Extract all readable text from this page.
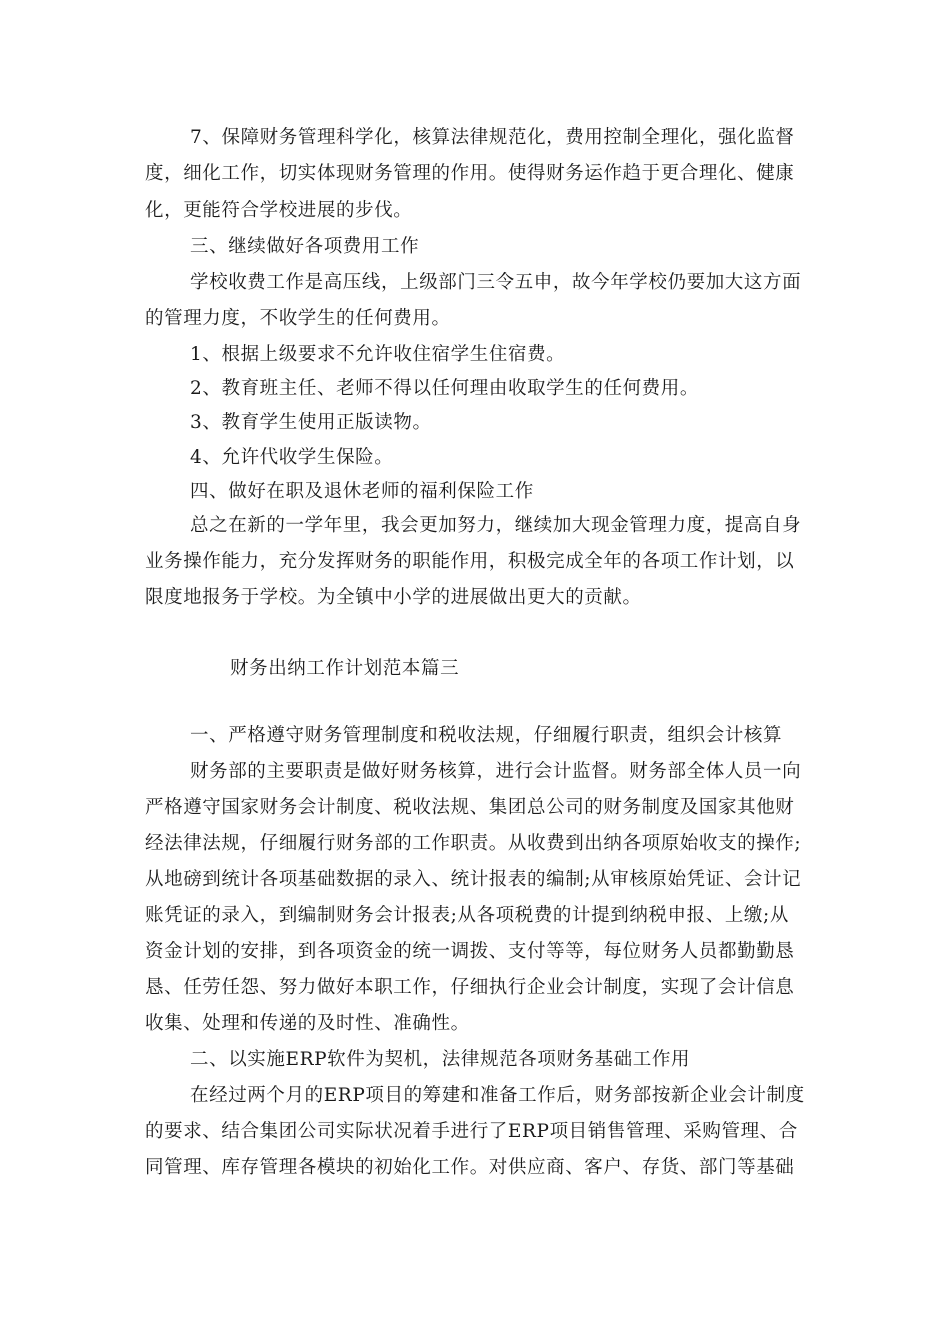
7、保障财务管理科学化，核算法律规范化，费用控制全理化，强化监督
度，细化工作，切实体现财务管理的作用。使得财务运作趋于更合理化、健康
化，更能符合学校进展的步伐。
三、继续做好各项费用工作
学校收费工作是高压线，上级部门三令五申，故今年学校仍要加大这方面
的管理力度，不收学生的任何费用。
1、根据上级要求不允许收住宿学生住宿费。
2、教育班主任、老师不得以任何理由收取学生的任何费用。
3、教育学生使用正版读物。
4、允许代收学生保险。
四、做好在职及退休老师的福利保险工作
总之在新的一学年里，我会更加努力，继续加大现金管理力度，提高自身
业务操作能力，充分发挥财务的职能作用，积极完成全年的各项工作计划，以
限度地报务于学校。为全镇中小学的进展做出更大的贡献。
财务出纳工作计划范本篇三
一、严格遵守财务管理制度和税收法规，仔细履行职责，组织会计核算
财务部的主要职责是做好财务核算，进行会计监督。财务部全体人员一向
严格遵守国家财务会计制度、税收法规、集团总公司的财务制度及国家其他财
经法律法规，仔细履行财务部的工作职责。从收费到出纳各项原始收支的操作;
从地磅到统计各项基础数据的录入、统计报表的编制;从审核原始凭证、会计记
账凭证的录入，到编制财务会计报表;从各项税费的计提到纳税申报、上缴;从
资金计划的安排，到各项资金的统一调拨、支付等等，每位财务人员都勤勤恳
恳、任劳任怨、努力做好本职工作，仔细执行企业会计制度，实现了会计信息
收集、处理和传递的及时性、准确性。
二、以实施ERP软件为契机，法律规范各项财务基础工作用
在经过两个月的ERP项目的筹建和准备工作后，财务部按新企业会计制度
的要求、结合集团公司实际状况着手进行了ERP项目销售管理、采购管理、合
同管理、库存管理各模块的初始化工作。对供应商、客户、存货、部门等基础
